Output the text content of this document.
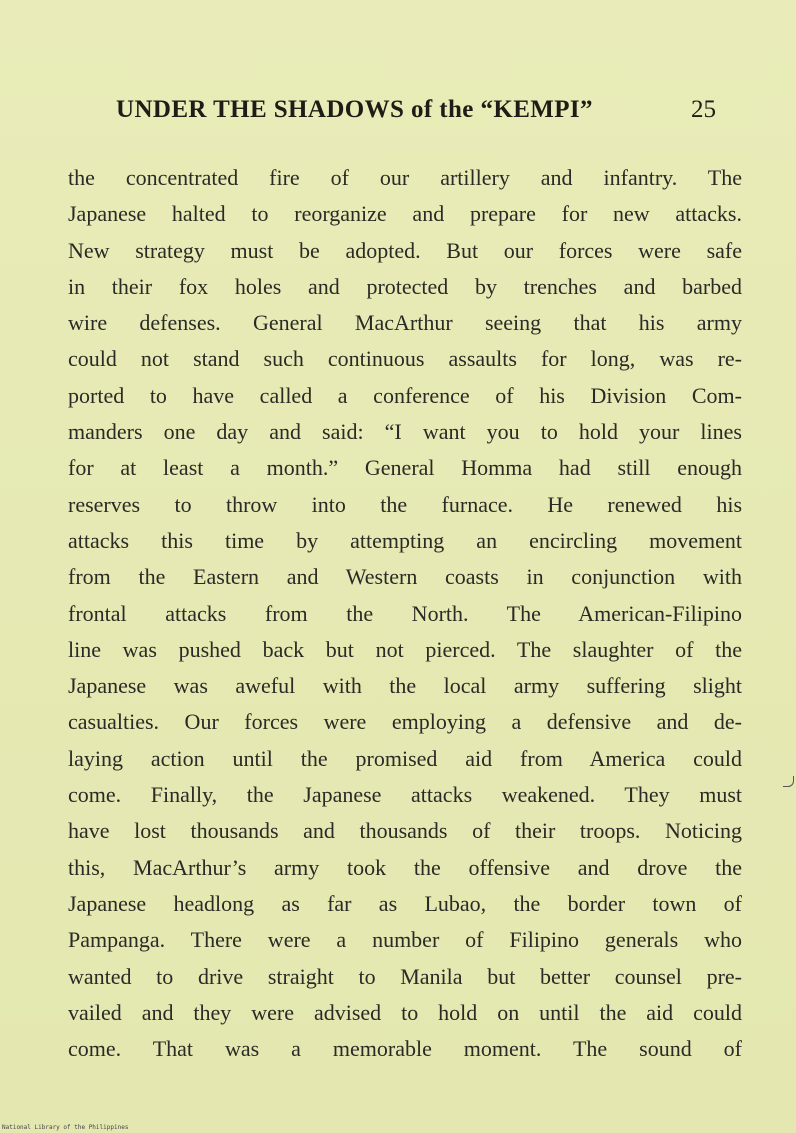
UNDER THE SHADOWS of the “KEMPI”	25
the concentrated fire of our artillery and infantry. The
Japanese halted to reorganize and prepare for new attacks.
New strategy must be adopted. But our forces were safe
in their fox holes and protected by trenches and barbed
wire defenses. General MacArthur seeing that his army
could not stand such continuous assaults for long, was re-
ported to have called a conference of his Division Com-
manders one day and said: “I want you to hold your lines
for at least a month.” General Homma had still enough
reserves to throw into the furnace. He renewed his
attacks this time by attempting an encircling movement
from the Eastern and Western coasts in conjunction with
frontal attacks from the North. The American-Filipino
line was pushed back but not pierced. The slaughter of the
Japanese was aweful with the local army suffering slight
casualties. Our forces were employing a defensive and de-
laying action until the promised aid from America could
come. Finally, the Japanese attacks weakened. They must
have lost thousands and thousands of their troops. Noticing
this, MacArthur’s army took the offensive and drove the
Japanese headlong as far as Lubao, the border town of
Pampanga. There were a number of Filipino generals who
wanted to drive straight to Manila but better counsel pre-
vailed and they were advised to hold on until the aid could
come. That was a memorable moment. The sound of
National Library of the Philippines
